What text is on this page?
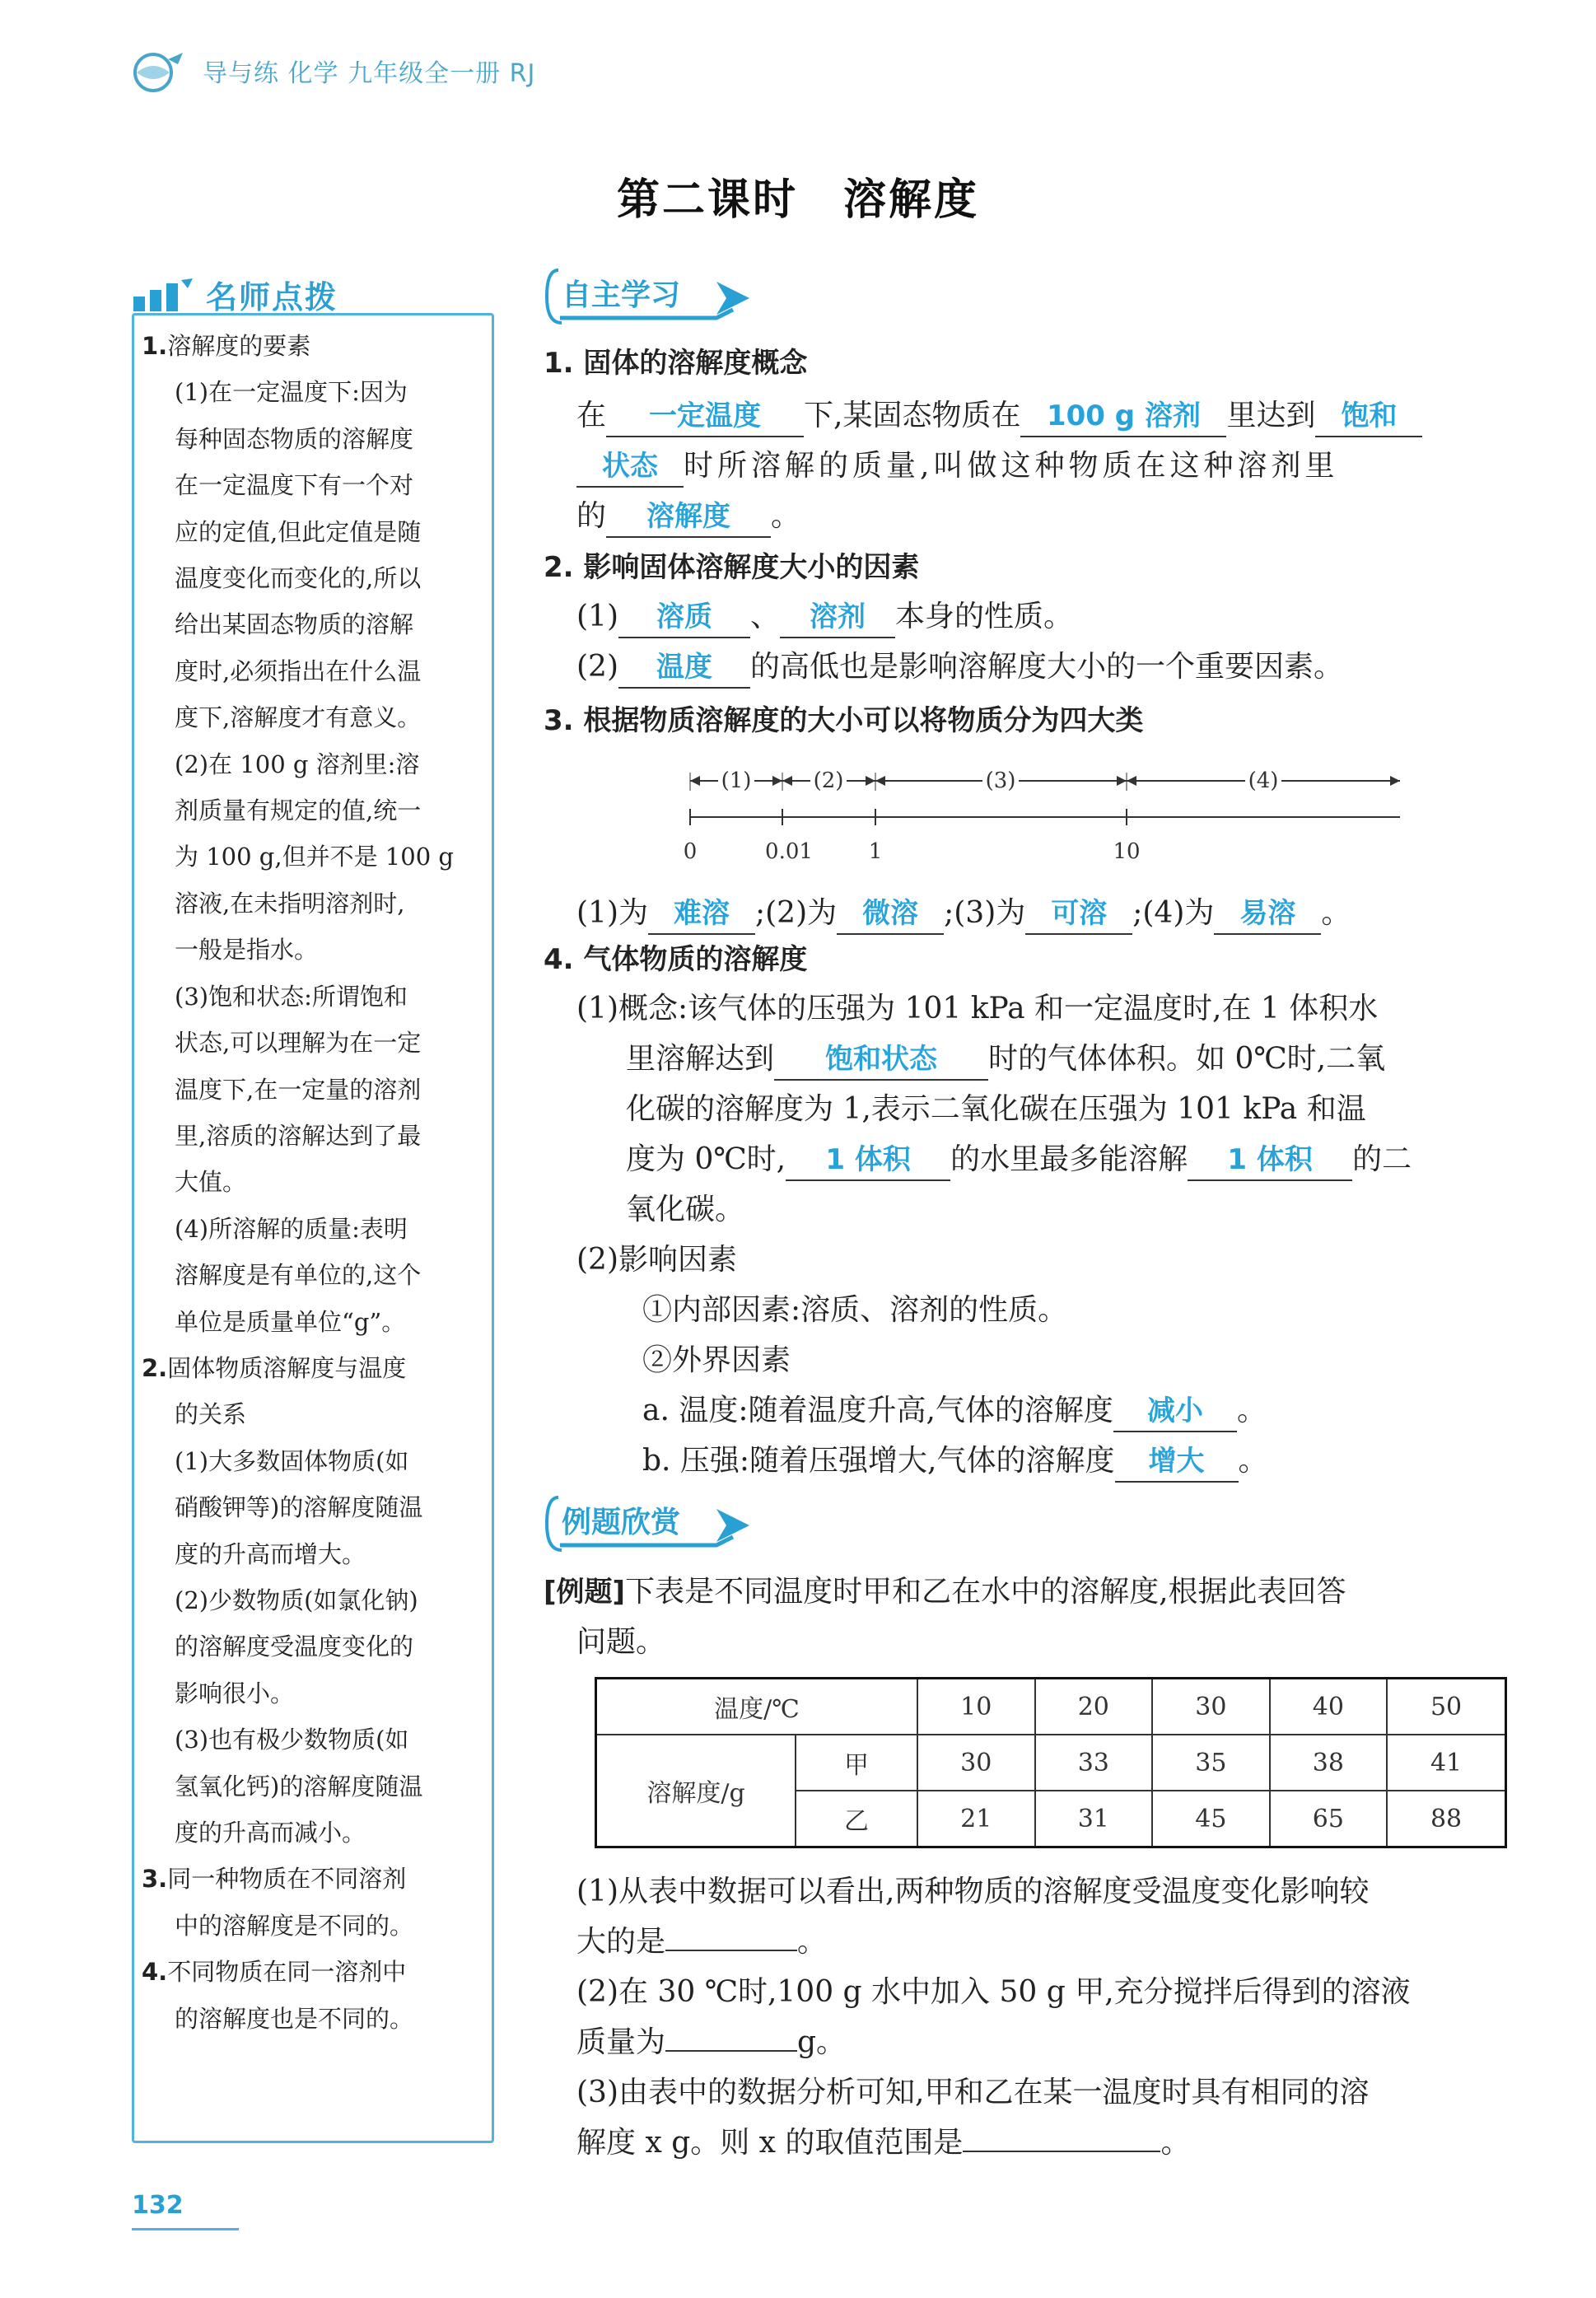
导与练 化学 九年级全一册 RJ
第二课时　溶解度
名师点拨
1.溶解度的要素
(1)在一定温度下:因为
每种固态物质的溶解度
在一定温度下有一个对
应的定值,但此定值是随
温度变化而变化的,所以
给出某固态物质的溶解
度时,必须指出在什么温
度下,溶解度才有意义。
(2)在 100 g 溶剂里:溶
剂质量有规定的值,统一
为 100 g,但并不是 100 g
溶液,在未指明溶剂时,
一般是指水。
(3)饱和状态:所谓饱和
状态,可以理解为在一定
温度下,在一定量的溶剂
里,溶质的溶解达到了最
大值。
(4)所溶解的质量:表明
溶解度是有单位的,这个
单位是质量单位“g”。
2.固体物质溶解度与温度
的关系
(1)大多数固体物质(如
硝酸钾等)的溶解度随温
度的升高而增大。
(2)少数物质(如氯化钠)
的溶解度受温度变化的
影响很小。
(3)也有极少数物质(如
氢氧化钙)的溶解度随温
度的升高而减小。
3.同一种物质在不同溶剂
中的溶解度是不同的。
4.不同物质在同一溶剂中
的溶解度也是不同的。
自主学习
1. 固体的溶解度概念
在 一定温度 下,某固态物质在 100 g 溶剂 里达到 饱和
状态 时所溶解的质量,叫做这种物质在这种溶剂里
的 溶解度 。
2. 影响固体溶解度大小的因素
(1) 溶质 、 溶剂 本身的性质。
(2) 温度 的高低也是影响溶解度大小的一个重要因素。
3. 根据物质溶解度的大小可以将物质分为四大类
(1)	(2)	(3)	(4)
0	0.01	1	10
(1)为 难溶 ;(2)为 微溶 ;(3)为 可溶 ;(4)为 易溶 。
4. 气体物质的溶解度
(1)概念:该气体的压强为 101 kPa 和一定温度时,在 1 体积水
里溶解达到 饱和状态 时的气体体积。如 0℃时,二氧
化碳的溶解度为 1,表示二氧化碳在压强为 101 kPa 和温
度为 0℃时, 1 体积 的水里最多能溶解 1 体积 的二
氧化碳。
(2)影响因素
①内部因素:溶质、溶剂的性质。
②外界因素
a. 温度:随着温度升高,气体的溶解度 减小 。
b. 压强:随着压强增大,气体的溶解度 增大 。
例题欣赏
[例题]下表是不同温度时甲和乙在水中的溶解度,根据此表回答
问题。
温度/℃		10	20	30	40	50
溶解度/g	甲	30	33	35	38	41
	乙	21	31	45	65	88
(1)从表中数据可以看出,两种物质的溶解度受温度变化影响较
大的是	。
(2)在 30 ℃时,100 g 水中加入 50 g 甲,充分搅拌后得到的溶液
质量为	g。
(3)由表中的数据分析可知,甲和乙在某一温度时具有相同的溶
解度 x g。则 x 的取值范围是	。
132
